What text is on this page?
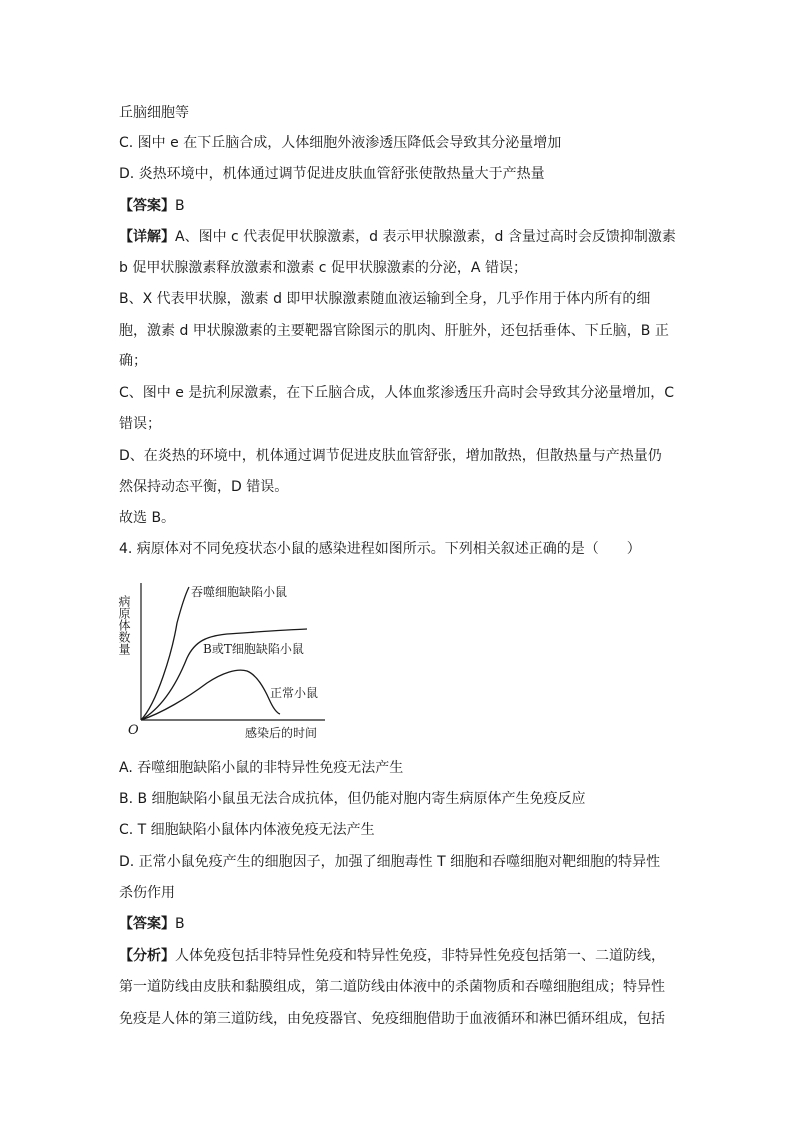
丘脑细胞等
C. 图中 e 在下丘脑合成，人体细胞外液渗透压降低会导致其分泌量增加
D. 炎热环境中，机体通过调节促进皮肤血管舒张使散热量大于产热量
【答案】B
【详解】A、图中 c 代表促甲状腺激素，d 表示甲状腺激素，d 含量过高时会反馈抑制激素
b 促甲状腺激素释放激素和激素 c 促甲状腺激素的分泌，A 错误；
B、X 代表甲状腺，激素 d 即甲状腺激素随血液运输到全身，几乎作用于体内所有的细
胞，激素 d 甲状腺激素的主要靶器官除图示的肌肉、肝脏外，还包括垂体、下丘脑，B 正
确；
C、图中 e 是抗利尿激素，在下丘脑合成，人体血浆渗透压升高时会导致其分泌量增加，C
错误；
D、在炎热的环境中，机体通过调节促进皮肤血管舒张，增加散热，但散热量与产热量仍
然保持动态平衡，D 错误。
故选 B。
4. 病原体对不同免疫状态小鼠的感染进程如图所示。下列相关叙述正确的是（　　）
A. 吞噬细胞缺陷小鼠的非特异性免疫无法产生
B. B 细胞缺陷小鼠虽无法合成抗体，但仍能对胞内寄生病原体产生免疫反应
C. T 细胞缺陷小鼠体内体液免疫无法产生
D. 正常小鼠免疫产生的细胞因子，加强了细胞毒性 T 细胞和吞噬细胞对靶细胞的特异性
杀伤作用
【答案】B
【分析】人体免疫包括非特异性免疫和特异性免疫，非特异性免疫包括第一、二道防线，
第一道防线由皮肤和黏膜组成，第二道防线由体液中的杀菌物质和吞噬细胞组成；特异性
免疫是人体的第三道防线，由免疫器官、免疫细胞借助于血液循环和淋巴循环组成，包括
病原体数量
O	感染后的时间
吞噬细胞缺陷小鼠
B或T细胞缺陷小鼠
正常小鼠
